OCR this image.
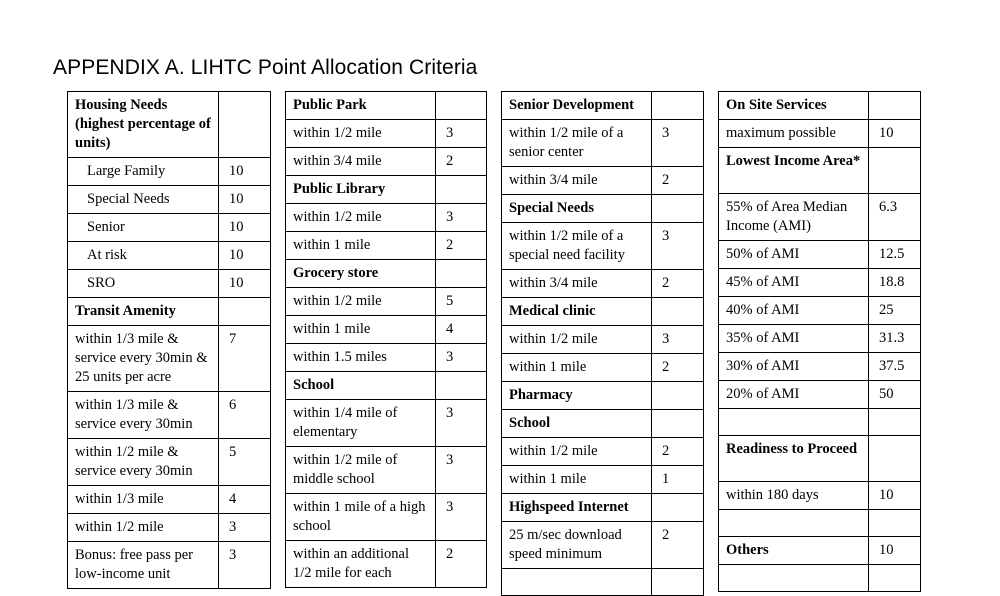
APPENDIX A. LIHTC Point Allocation Criteria
Housing Needs (highest percentage of units)	
Large Family	10
Special Needs	10
Senior	10
At risk	10
SRO	10
Transit Amenity	
within 1/3 mile & service every 30min & 25 units per acre	7
within 1/3 mile & service every 30min	6
within 1/2 mile & service every 30min	5
within 1/3 mile	4
within 1/2 mile	3
Bonus: free pass per low-income unit	3
Public Park	
within 1/2 mile	3
within 3/4 mile	2
Public Library	
within 1/2 mile	3
within 1 mile	2
Grocery store	
within 1/2 mile	5
within 1 mile	4
within 1.5 miles	3
School	
within 1/4 mile of elementary	3
within 1/2 mile of middle school	3
within 1 mile of a high school	3
within an additional 1/2 mile for each	2
Senior Development	
within 1/2 mile of a senior center	3
within 3/4 mile	2
Special Needs	
within 1/2 mile of a special need facility	3
within 3/4 mile	2
Medical clinic	
within 1/2 mile	3
within 1 mile	2
Pharmacy	
School	
within 1/2 mile	2
within 1 mile	1
Highspeed Internet	
25 m/sec download speed minimum	2

On Site Services	
maximum possible	10
Lowest Income Area*	
55% of Area Median Income (AMI)	6.3
50% of AMI	12.5
45% of AMI	18.8
40% of AMI	25
35% of AMI	31.3
30% of AMI	37.5
20% of AMI	50

Readiness to Proceed	
within 180 days	10

Others	10
